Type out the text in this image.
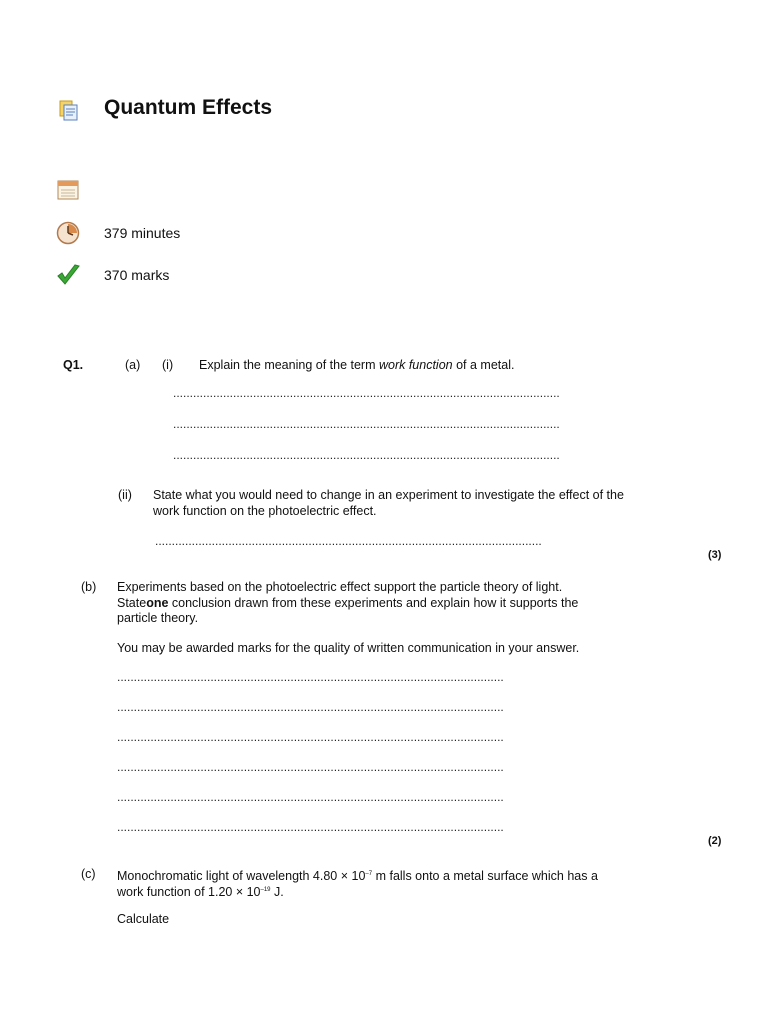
Quantum Effects
379 minutes
370 marks
Q1.	(a) (i) Explain the meaning of the term work function of a metal.
....................................................................................................................
....................................................................................................................
....................................................................................................................
(ii) State what you would need to change in an experiment to investigate the effect of the
work function on the photoelectric effect.
....................................................................................................................
(3)
(b) Experiments based on the photoelectric effect support the particle theory of light.
Stateone conclusion drawn from these experiments and explain how it supports the
particle theory.
You may be awarded marks for the quality of written communication in your answer.
....................................................................................................................
....................................................................................................................
....................................................................................................................
....................................................................................................................
....................................................................................................................
....................................................................................................................
(2)
(c) Monochromatic light of wavelength $4.80 \times 10^{-7}$ m falls onto a metal surface which has a
work function of $1.20 \times 10^{-19}$ J.
Calculate
